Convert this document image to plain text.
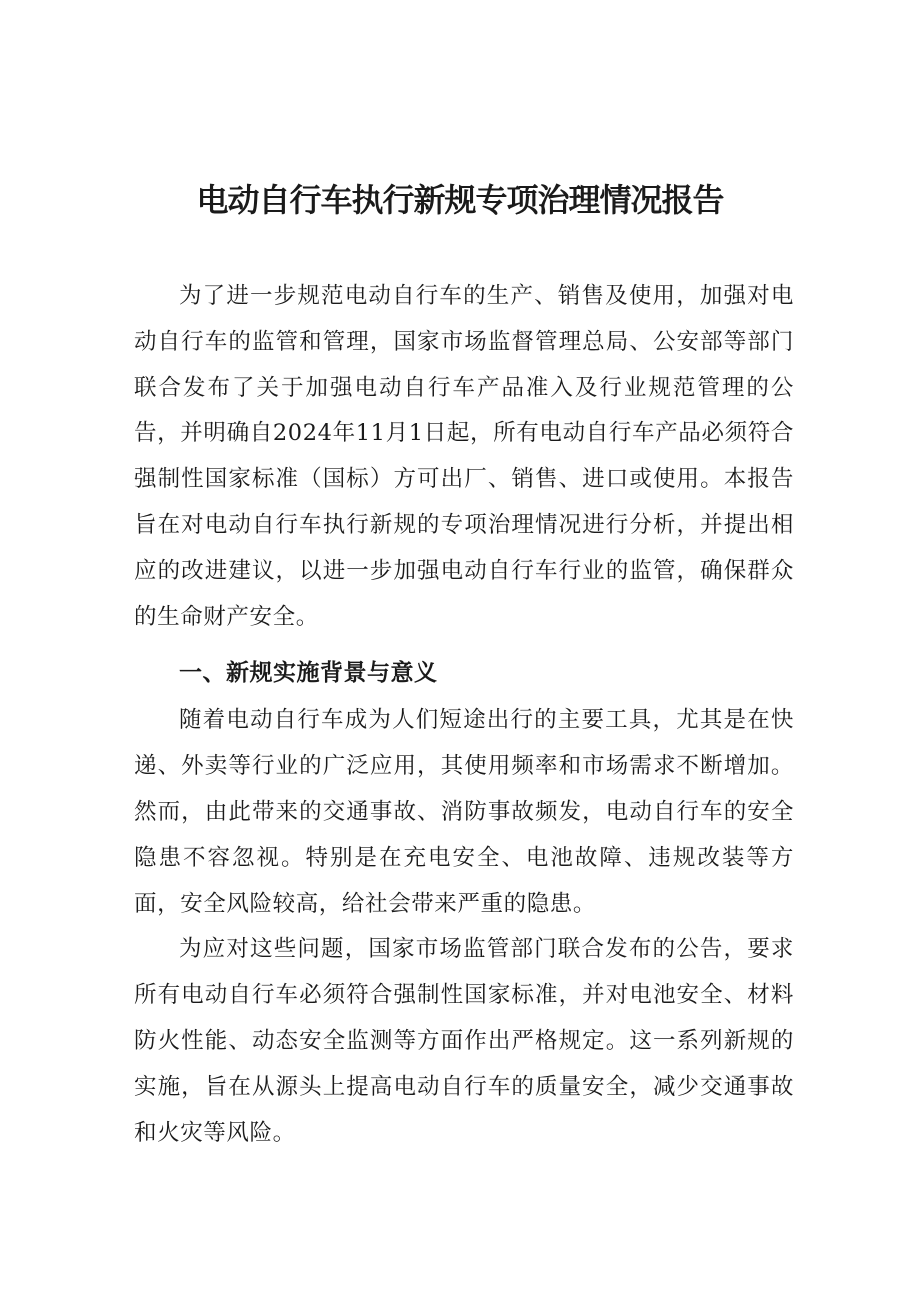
电动自行车执行新规专项治理情况报告

为了进一步规范电动自行车的生产、销售及使用，加强对电动自行车的监管和管理，国家市场监督管理总局、公安部等部门联合发布了关于加强电动自行车产品准入及行业规范管理的公告，并明确自2024年11月1日起，所有电动自行车产品必须符合强制性国家标准（国标）方可出厂、销售、进口或使用。本报告旨在对电动自行车执行新规的专项治理情况进行分析，并提出相应的改进建议，以进一步加强电动自行车行业的监管，确保群众的生命财产安全。

一、新规实施背景与意义

随着电动自行车成为人们短途出行的主要工具，尤其是在快递、外卖等行业的广泛应用，其使用频率和市场需求不断增加。然而，由此带来的交通事故、消防事故频发，电动自行车的安全隐患不容忽视。特别是在充电安全、电池故障、违规改装等方面，安全风险较高，给社会带来严重的隐患。

为应对这些问题，国家市场监管部门联合发布的公告，要求所有电动自行车必须符合强制性国家标准，并对电池安全、材料防火性能、动态安全监测等方面作出严格规定。这一系列新规的实施，旨在从源头上提高电动自行车的质量安全，减少交通事故和火灾等风险。
